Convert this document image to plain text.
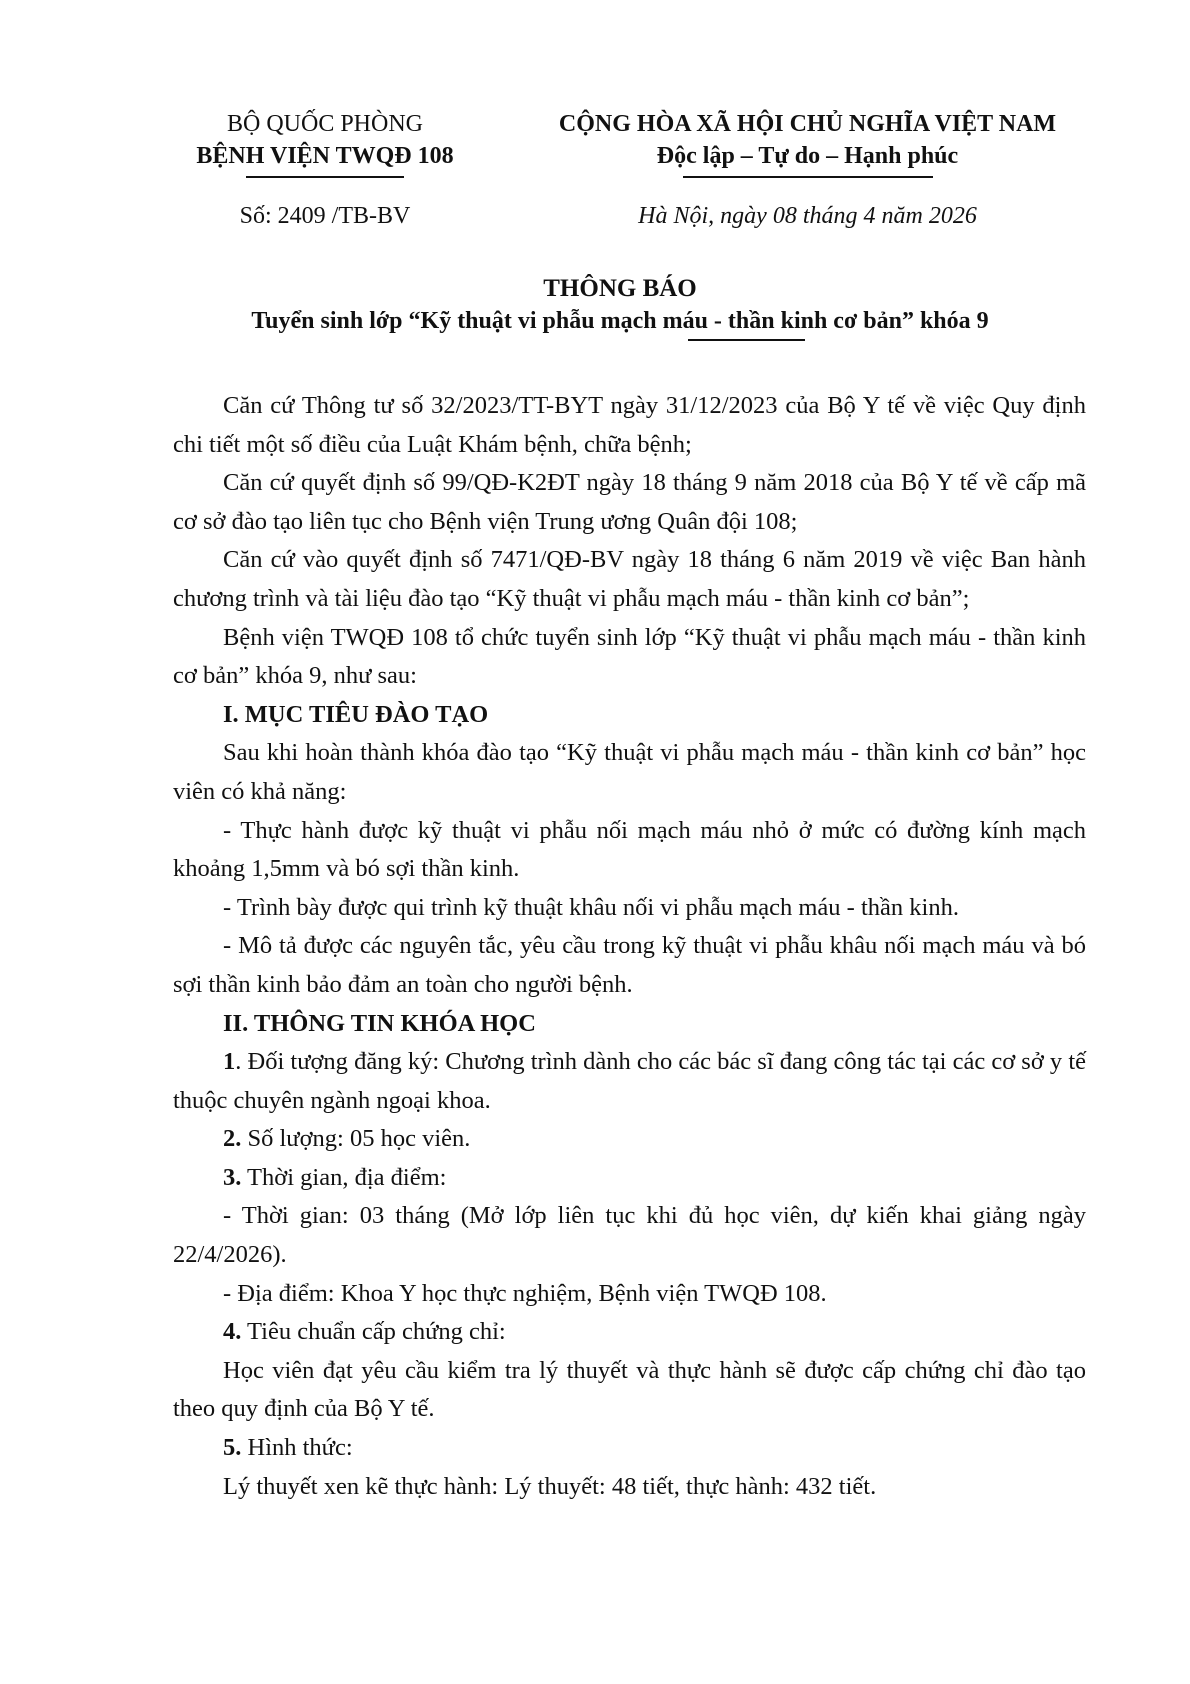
BỘ QUỐC PHÒNG
BỆNH VIỆN TWQĐ 108
Số: 2409 /TB-BV
CỘNG HÒA XÃ HỘI CHỦ NGHĨA VIỆT NAM
Độc lập – Tự do – Hạnh phúc
Hà Nội, ngày 08 tháng 4 năm 2026
THÔNG BÁO
Tuyển sinh lớp “Kỹ thuật vi phẫu mạch máu - thần kinh cơ bản” khóa 9

Căn cứ Thông tư số 32/2023/TT-BYT ngày 31/12/2023 của Bộ Y tế về việc Quy định chi tiết một số điều của Luật Khám bệnh, chữa bệnh;

Căn cứ quyết định số 99/QĐ-K2ĐT ngày 18 tháng 9 năm 2018 của Bộ Y tế về cấp mã cơ sở đào tạo liên tục cho Bệnh viện Trung ương Quân đội 108;

Căn cứ vào quyết định số 7471/QĐ-BV ngày 18 tháng 6 năm 2019 về việc Ban hành chương trình và tài liệu đào tạo “Kỹ thuật vi phẫu mạch máu - thần kinh cơ bản”;

Bệnh viện TWQĐ 108 tổ chức tuyển sinh lớp “Kỹ thuật vi phẫu mạch máu - thần kinh cơ bản” khóa 9, như sau:

I. MỤC TIÊU ĐÀO TẠO

Sau khi hoàn thành khóa đào tạo “Kỹ thuật vi phẫu mạch máu - thần kinh cơ bản” học viên có khả năng:

- Thực hành được kỹ thuật vi phẫu nối mạch máu nhỏ ở mức có đường kính mạch khoảng 1,5mm và bó sợi thần kinh.

- Trình bày được qui trình kỹ thuật khâu nối vi phẫu mạch máu - thần kinh.

- Mô tả được các nguyên tắc, yêu cầu trong kỹ thuật vi phẫu khâu nối mạch máu và bó sợi thần kinh bảo đảm an toàn cho người bệnh.

II. THÔNG TIN KHÓA HỌC

1. Đối tượng đăng ký: Chương trình dành cho các bác sĩ đang công tác tại các cơ sở y tế thuộc chuyên ngành ngoại khoa.

2. Số lượng: 05 học viên.

3. Thời gian, địa điểm:

- Thời gian: 03 tháng (Mở lớp liên tục khi đủ học viên, dự kiến khai giảng ngày 22/4/2026).

- Địa điểm: Khoa Y học thực nghiệm, Bệnh viện TWQĐ 108.

4. Tiêu chuẩn cấp chứng chỉ:

Học viên đạt yêu cầu kiểm tra lý thuyết và thực hành sẽ được cấp chứng chỉ đào tạo theo quy định của Bộ Y tế.

5. Hình thức:

Lý thuyết xen kẽ thực hành: Lý thuyết: 48 tiết, thực hành: 432 tiết.
